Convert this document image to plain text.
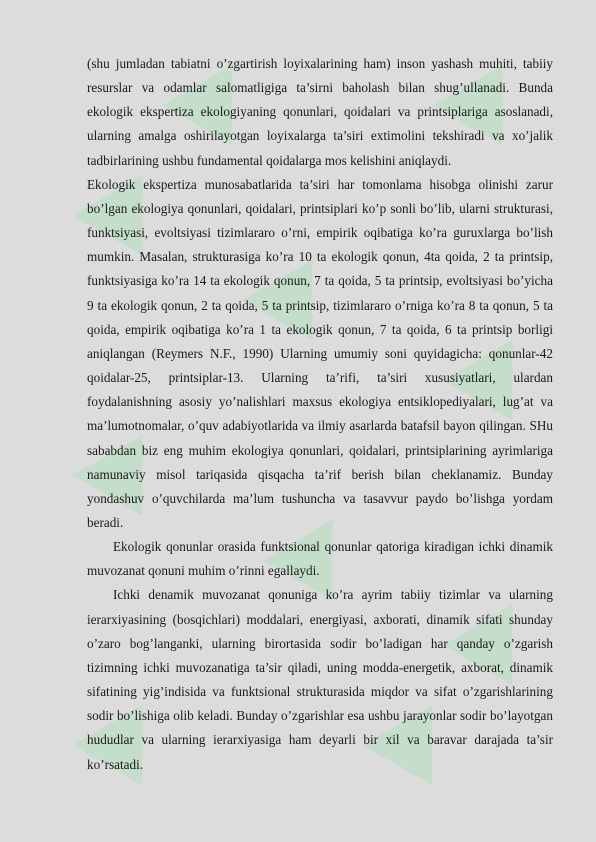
(shu jumladan tabiatni o’zgartirish loyixalarining ham) inson yashash muhiti, tabiiy resurslar va odamlar salomatligiga ta’sirni baholash bilan shug’ullanadi. Bunda ekologik ekspertiza ekologiyaning qonunlari, qoidalari va printsiplariga asoslanadi, ularning amalga oshirilayotgan loyixalarga ta’siri extimolini tekshiradi va xo’jalik tadbirlarining ushbu fundamental qoidalarga mos kelishini aniqlaydi.

Ekologik ekspertiza munosabatlarida ta’siri har tomonlama hisobga olinishi zarur bo’lgan ekologiya qonunlari, qoidalari, printsiplari ko’p sonli bo’lib, ularni strukturasi, funktsiyasi, evoltsiyasi tizimlararo o’rni, empirik oqibatiga ko’ra guruxlarga bo’lish mumkin. Masalan, strukturasiga ko’ra 10 ta ekologik qonun, 4ta qoida, 2 ta printsip, funktsiyasiga ko’ra 14 ta ekologik qonun, 7 ta qoida, 5 ta printsip, evoltsiyasi bo’yicha 9 ta ekologik qonun, 2 ta qoida, 5 ta printsip, tizimlararo o’rniga ko’ra 8 ta qonun, 5 ta qoida, empirik oqibatiga ko’ra 1 ta ekologik qonun, 7 ta qoida, 6 ta printsip borligi aniqlangan (Reymers N.F., 1990) Ularning umumiy soni quyidagicha: qonunlar-42 qoidalar-25, printsiplar-13. Ularning ta’rifi, ta’siri xususiyatlari, ulardan foydalanishning asosiy yo’nalishlari maxsus ekologiya entsiklopediyalari, lug’at va ma’lumotnomalar, o’quv adabiyotlarida va ilmiy asarlarda batafsil bayon qilingan. SHu sababdan biz eng muhim ekologiya qonunlari, qoidalari, printsiplarining ayrimlariga namunaviy misol tariqasida qisqacha ta’rif berish bilan cheklanamiz. Bunday yondashuv o’quvchilarda ma’lum tushuncha va tasavvur paydo bo’lishga yordam beradi.

Ekologik qonunlar orasida funktsional qonunlar qatoriga kiradigan ichki dinamik muvozanat qonuni muhim o’rinni egallaydi.

Ichki denamik muvozanat qonuniga ko’ra ayrim tabiiy tizimlar va ularning ierarxiyasining (bosqichlari) moddalari, energiyasi, axborati, dinamik sifati shunday o’zaro bog’langanki, ularning birortasida sodir bo’ladigan har qanday o’zgarish tizimning ichki muvozanatiga ta’sir qiladi, uning modda-energetik, axborat, dinamik sifatining yig’indisida va funktsional strukturasida miqdor va sifat o’zgarishlarining sodir bo’lishiga olib keladi. Bunday o’zgarishlar esa ushbu jarayonlar sodir bo’layotgan hududlar va ularning ierarxiyasiga ham deyarli bir xil va baravar darajada ta’sir ko’rsatadi.
